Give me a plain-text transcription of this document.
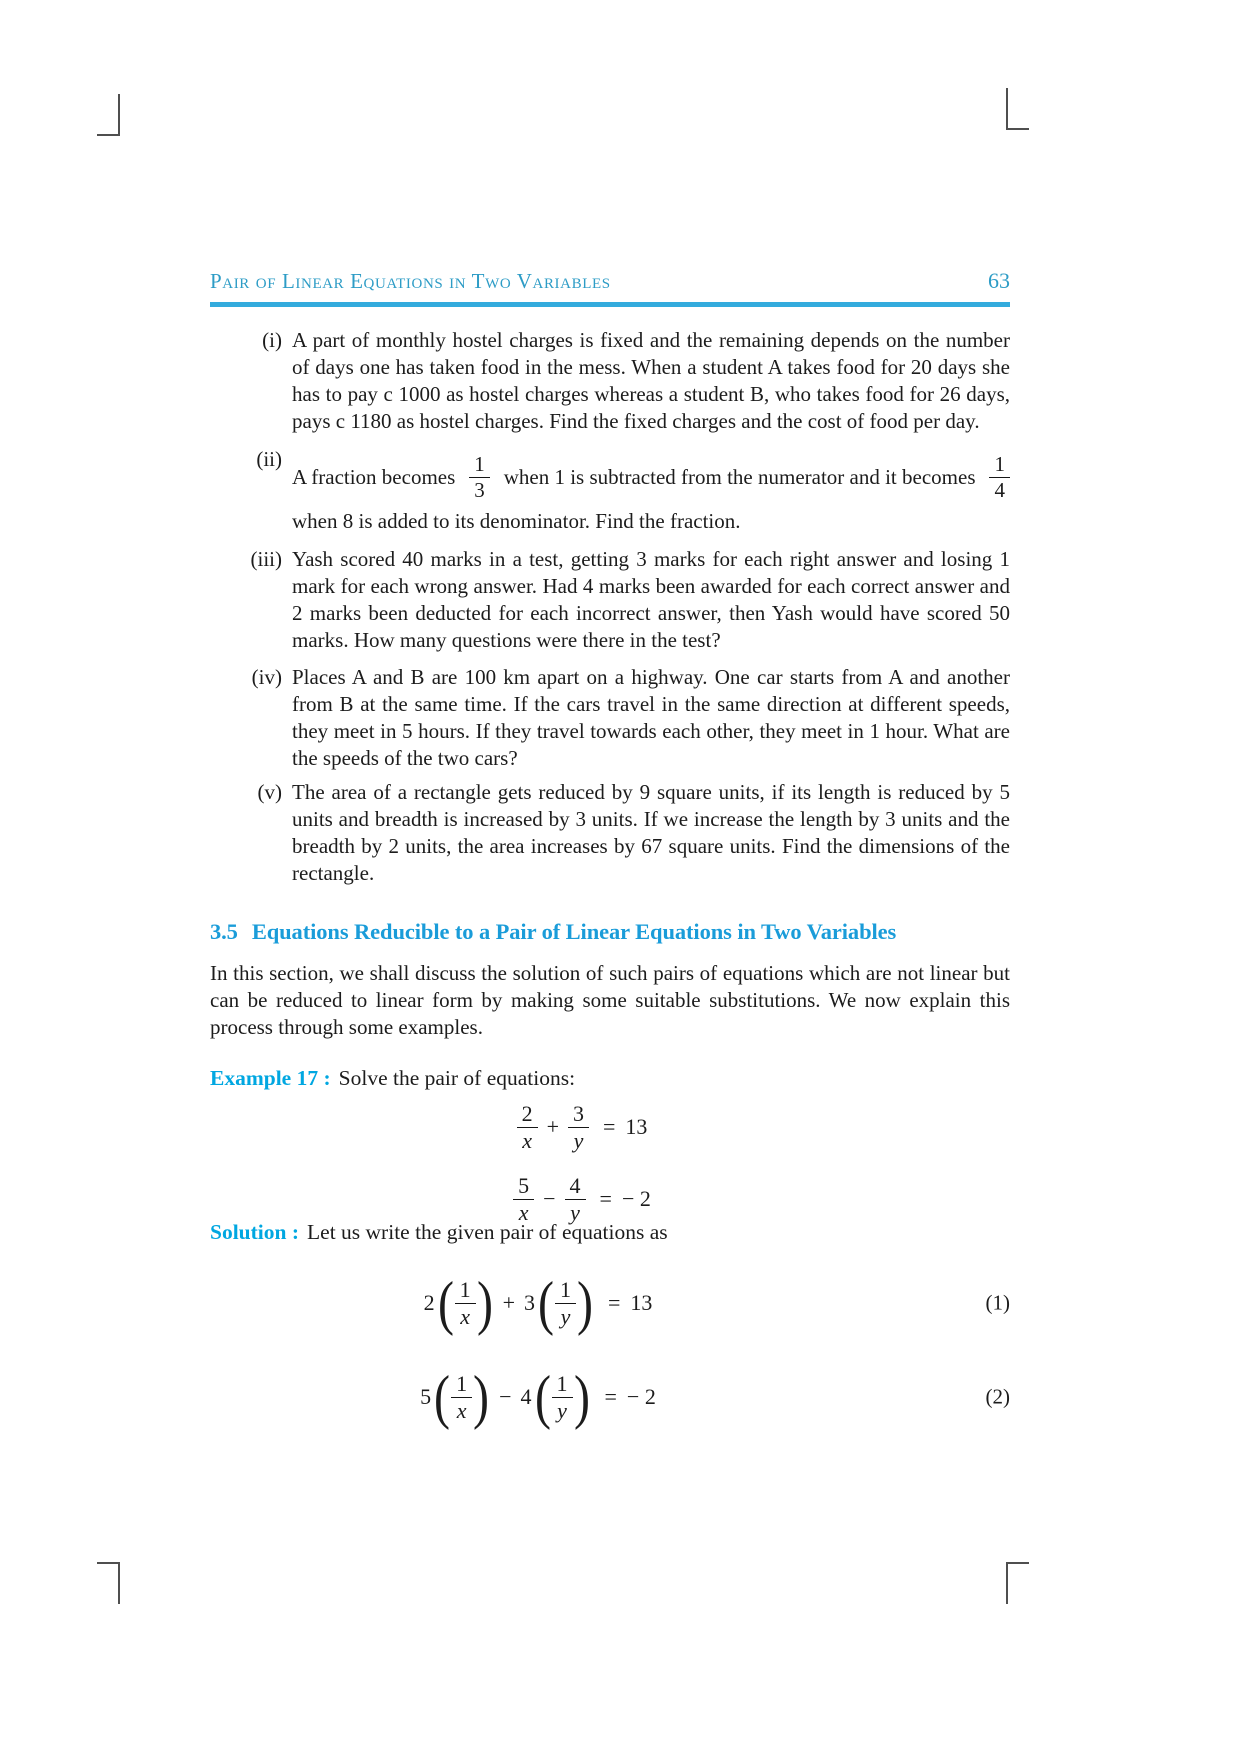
Pair of Linear Equations in Two Variables	63
(i) A part of monthly hostel charges is fixed and the remaining depends on the number of days one has taken food in the mess. When a student A takes food for 20 days she has to pay c 1000 as hostel charges whereas a student B, who takes food for 26 days, pays c 1180 as hostel charges. Find the fixed charges and the cost of food per day.
(ii)
A fraction becomes $\frac{1}{3}$ when 1 is subtracted from the numerator and it becomes $\frac{1}{4}$
when 8 is added to its denominator. Find the fraction.
(iii) Yash scored 40 marks in a test, getting 3 marks for each right answer and losing 1 mark for each wrong answer. Had 4 marks been awarded for each correct answer and 2 marks been deducted for each incorrect answer, then Yash would have scored 50 marks. How many questions were there in the test?
(iv) Places A and B are 100 km apart on a highway. One car starts from A and another from B at the same time. If the cars travel in the same direction at different speeds, they meet in 5 hours. If they travel towards each other, they meet in 1 hour. What are the speeds of the two cars?
(v) The area of a rectangle gets reduced by 9 square units, if its length is reduced by 5 units and breadth is increased by 3 units. If we increase the length by 3 units and the breadth by 2 units, the area increases by 67 square units. Find the dimensions of the rectangle.
3.5 Equations Reducible to a Pair of Linear Equations in Two Variables
In this section, we shall discuss the solution of such pairs of equations which are not linear but can be reduced to linear form by making some suitable substitutions. We now explain this process through some examples.
Example 17 : Solve the pair of equations:
$\frac{2}{x} + \frac{3}{y} = 13$
$\frac{5}{x} - \frac{4}{y}$ = − 2
Solution : Let us write the given pair of equations as
2 ( $\frac{1}{x}$ ) + 3 ( $\frac{1}{y}$ ) = 13	(1)
5 ( $\frac{1}{x}$ ) − 4 ( $\frac{1}{y}$ ) = − 2	(2)
